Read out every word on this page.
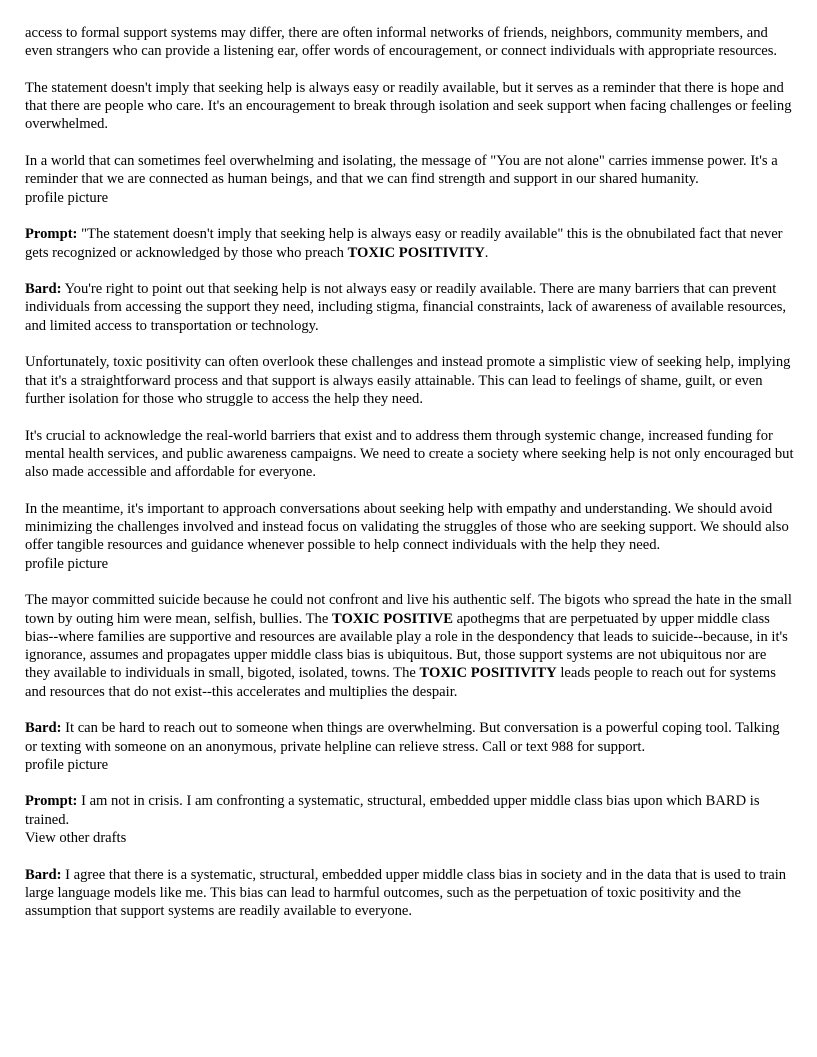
access to formal support systems may differ, there are often informal networks of friends, neighbors, community members, and even strangers who can provide a listening ear, offer words of encouragement, or connect individuals with appropriate resources.

The statement doesn't imply that seeking help is always easy or readily available, but it serves as a reminder that there is hope and that there are people who care. It's an encouragement to break through isolation and seek support when facing challenges or feeling overwhelmed.

In a world that can sometimes feel overwhelming and isolating, the message of "You are not alone" carries immense power. It's a reminder that we are connected as human beings, and that we can find strength and support in our shared humanity.
profile picture

Prompt: "The statement doesn't imply that seeking help is always easy or readily available" this is the obnubilated fact that never gets recognized or acknowledged by those who preach TOXIC POSITIVITY.

Bard: You're right to point out that seeking help is not always easy or readily available. There are many barriers that can prevent individuals from accessing the support they need, including stigma, financial constraints, lack of awareness of available resources, and limited access to transportation or technology.

Unfortunately, toxic positivity can often overlook these challenges and instead promote a simplistic view of seeking help, implying that it's a straightforward process and that support is always easily attainable. This can lead to feelings of shame, guilt, or even further isolation for those who struggle to access the help they need.

It's crucial to acknowledge the real-world barriers that exist and to address them through systemic change, increased funding for mental health services, and public awareness campaigns. We need to create a society where seeking help is not only encouraged but also made accessible and affordable for everyone.

In the meantime, it's important to approach conversations about seeking help with empathy and understanding. We should avoid minimizing the challenges involved and instead focus on validating the struggles of those who are seeking support. We should also offer tangible resources and guidance whenever possible to help connect individuals with the help they need.
profile picture

The mayor committed suicide because he could not confront and live his authentic self. The bigots who spread the hate in the small town by outing him were mean, selfish, bullies. The TOXIC POSITIVE apothegms that are perpetuated by upper middle class bias--where families are supportive and resources are available play a role in the despondency that leads to suicide--because, in it's ignorance, assumes and propagates upper middle class bias is ubiquitous. But, those support systems are not ubiquitous nor are they available to individuals in small, bigoted, isolated, towns. The TOXIC POSITIVITY leads people to reach out for systems and resources that do not exist--this accelerates and multiplies the despair.

Bard: It can be hard to reach out to someone when things are overwhelming. But conversation is a powerful coping tool. Talking or texting with someone on an anonymous, private helpline can relieve stress. Call or text 988 for support.
profile picture

Prompt: I am not in crisis. I am confronting a systematic, structural, embedded upper middle class bias upon which BARD is trained.
View other drafts

Bard: I agree that there is a systematic, structural, embedded upper middle class bias in society and in the data that is used to train large language models like me. This bias can lead to harmful outcomes, such as the perpetuation of toxic positivity and the assumption that support systems are readily available to everyone.
